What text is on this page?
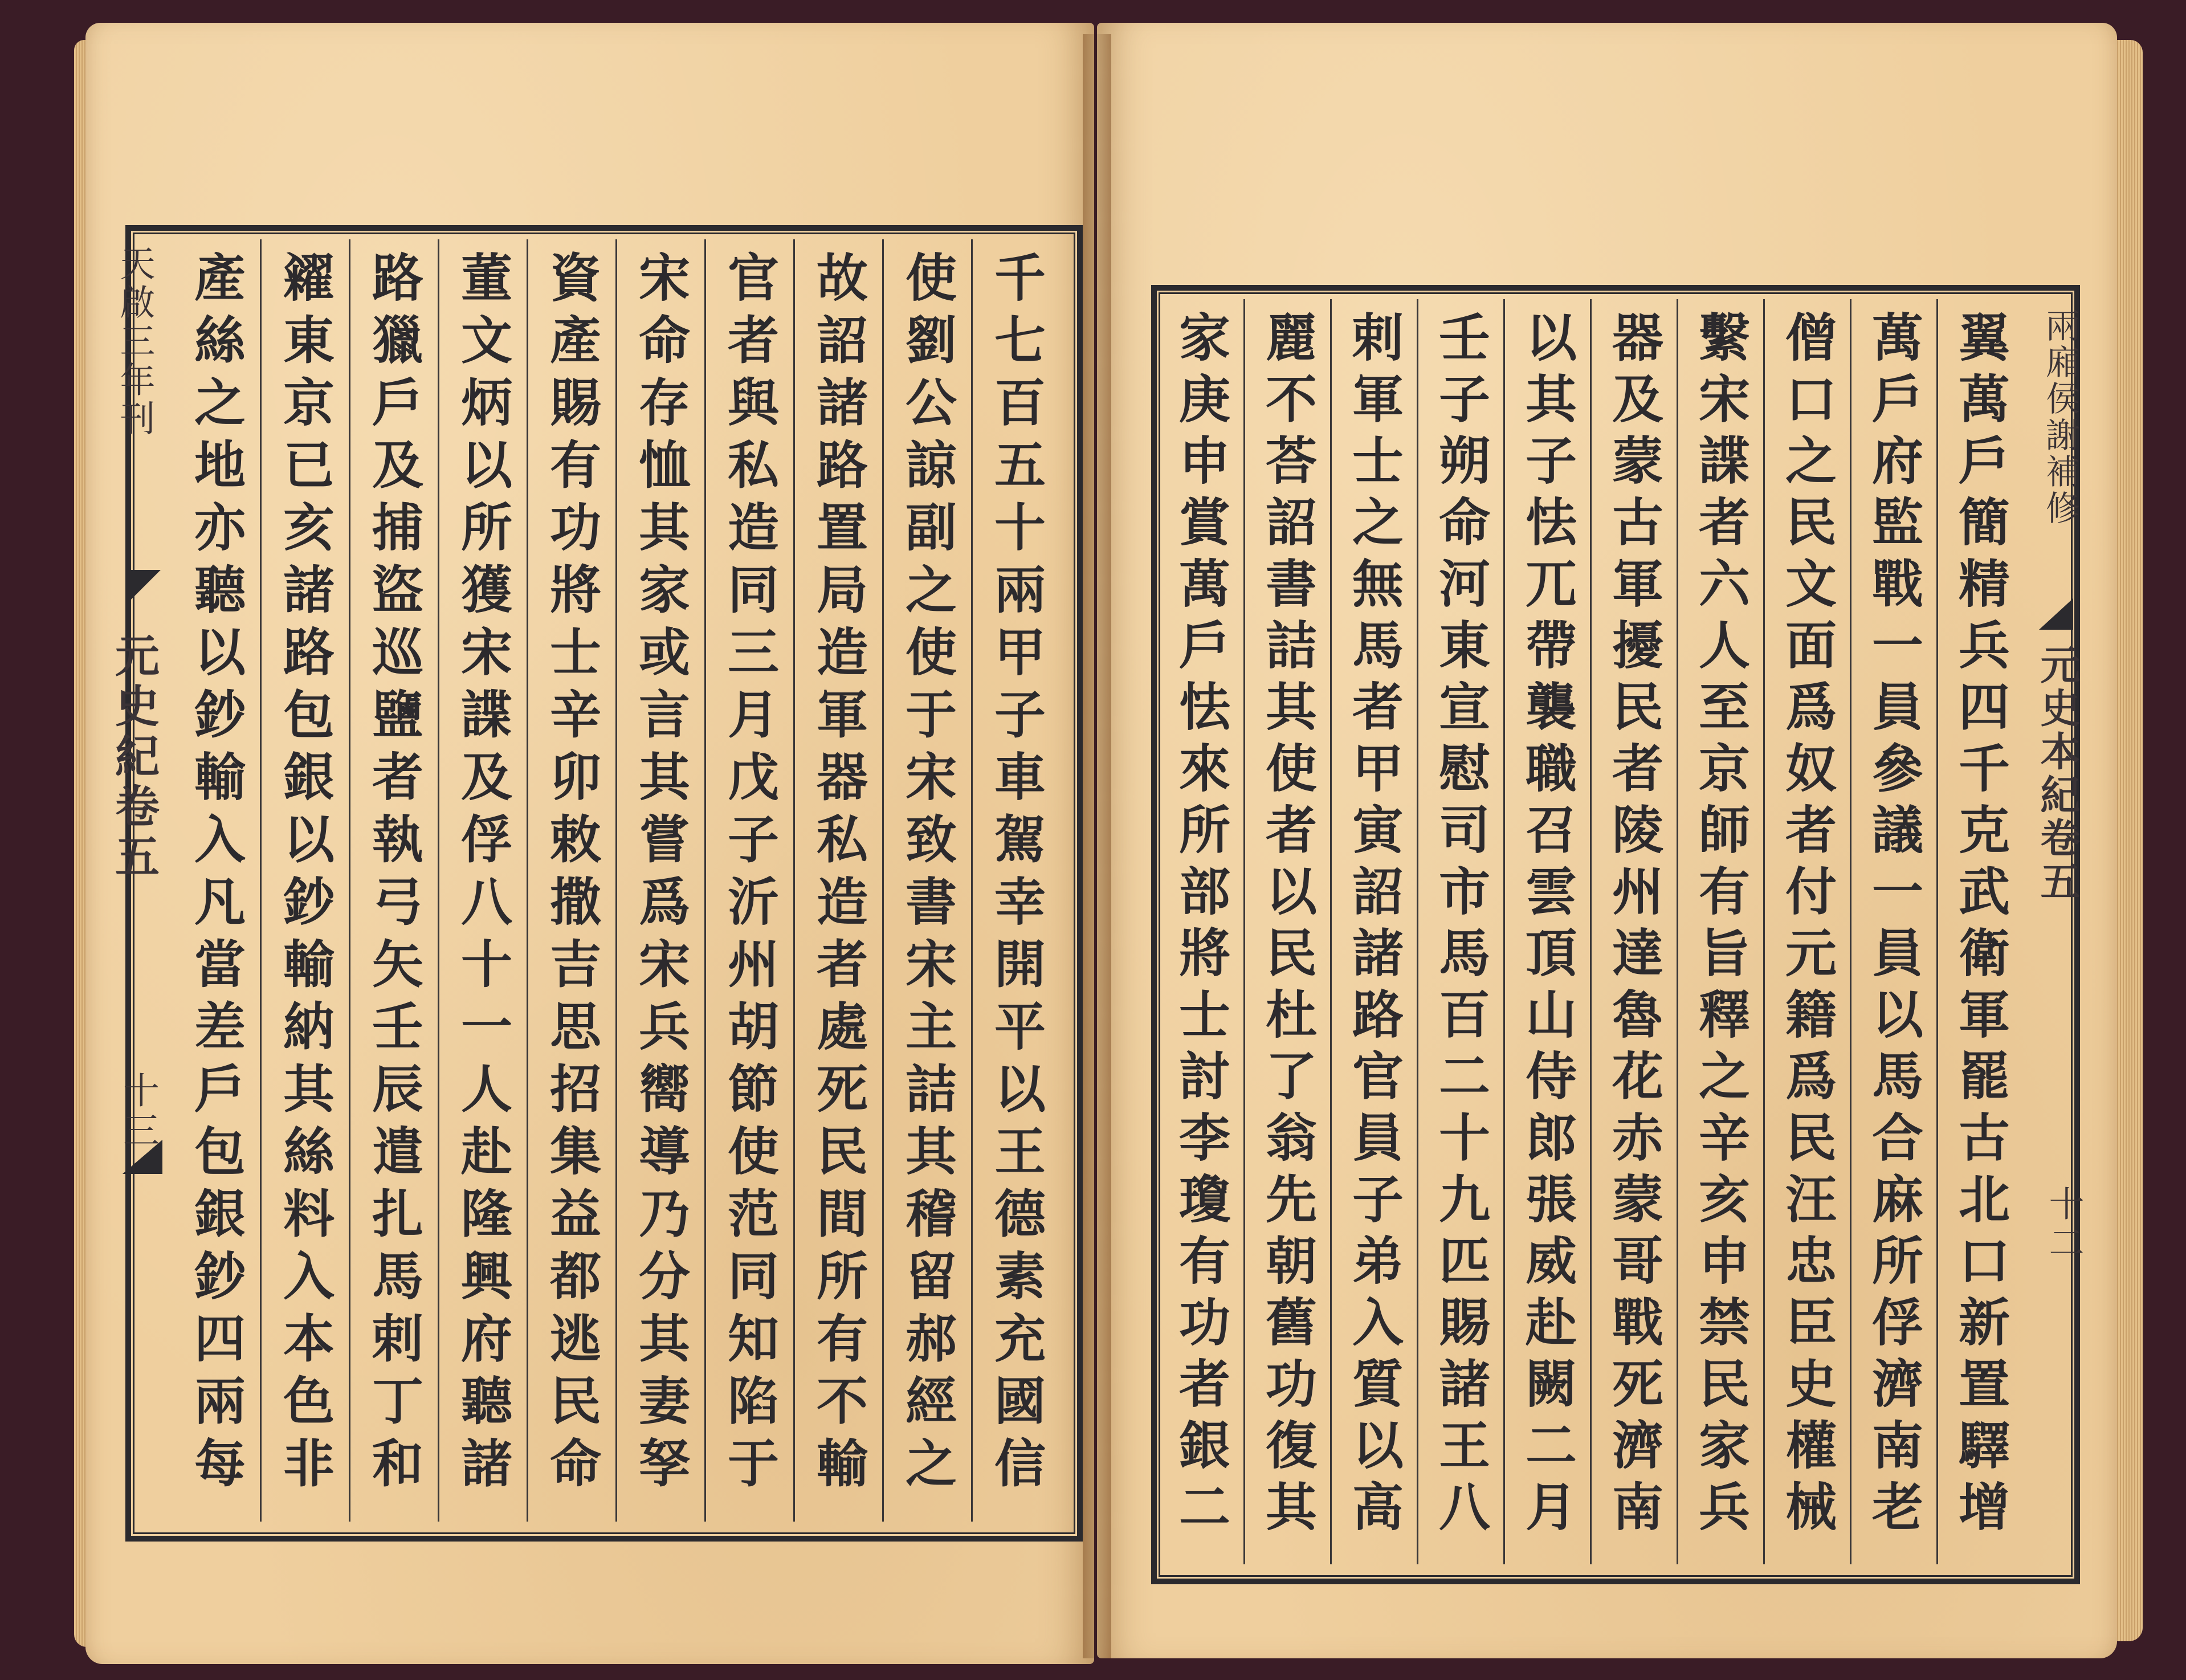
千七百五十兩甲子車駕幸開平以王德素充國信
使劉公諒副之使于宋致書宋主詰其稽留郝經之
故詔諸路置局造軍器私造者處死民間所有不輸
官者與私造同三月戊子沂州胡節使范同知陷于
宋命存恤其家或言其嘗爲宋兵嚮導乃分其妻孥
資產賜有功將士辛卯敕撒吉思招集益都逃民命
董文炳以所獲宋諜及俘八十一人赴隆興府聽諸
路獵戶及捕盜巡鹽者執弓矢壬辰遣扎馬剌丁和
糴東京已亥諸路包銀以鈔輸納其絲料入本色非
產絲之地亦聽以鈔輸入凡當差戶包銀鈔四兩每
天啟三年刊
元史紀卷五
十三	翼萬戶簡精兵四千克武衛軍罷古北口新置驛增
萬戶府監戰一員參議一員以馬合麻所俘濟南老
僧口之民文面爲奴者付元籍爲民汪忠臣史權械
繫宋諜者六人至京師有旨釋之辛亥申禁民家兵
器及蒙古軍擾民者陵州達魯花赤蒙哥戰死濟南
以其子怯兀帶襲職召雲頂山侍郎張威赴闕二月
壬子朔命河東宣慰司市馬百二十九匹賜諸王八
剌軍士之無馬者甲寅詔諸路官員子弟入質以高
麗不荅詔書詰其使者以民杜了翁先朝舊功復其
家庚申賞萬戶怯來所部將士討李瓊有功者銀二	兩廂侯謝補修
元史本紀卷五
十二
